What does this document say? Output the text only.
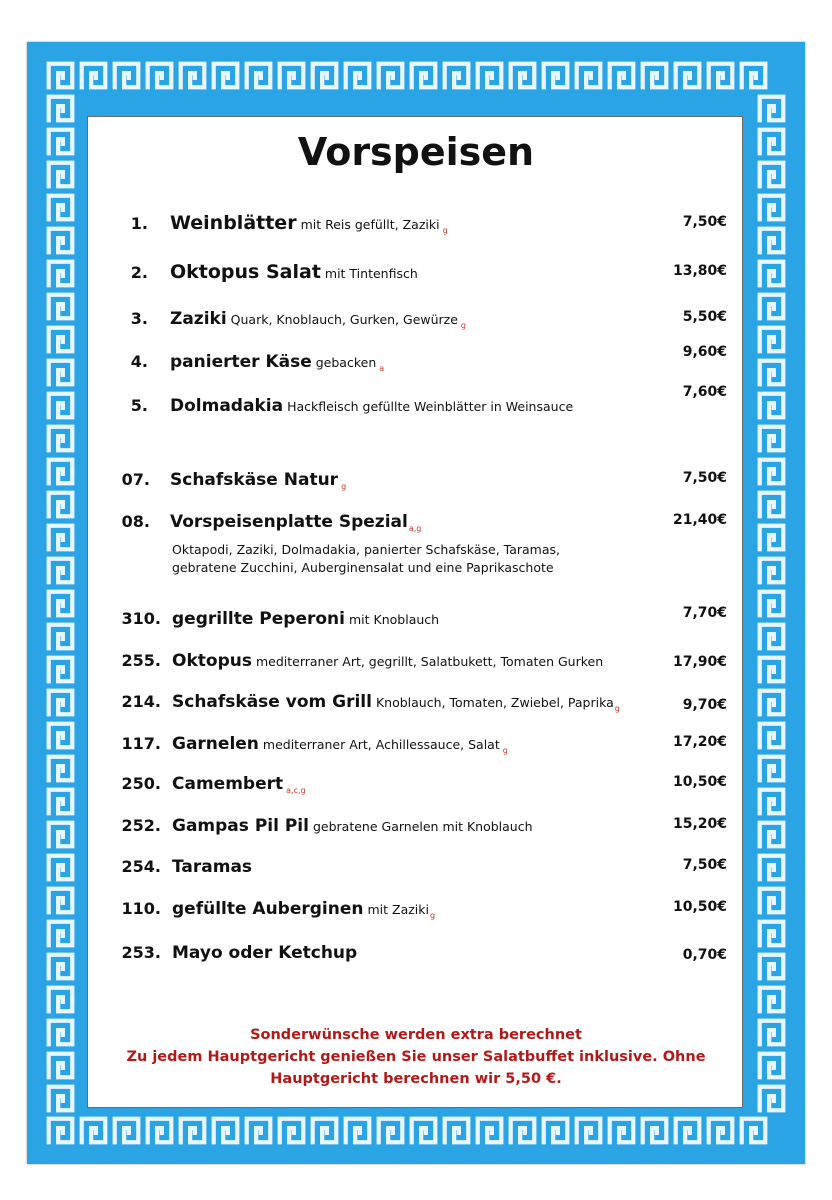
Vorspeisen
1. Weinblätter mit Reis gefüllt, Zaziki $_g$
7,50€
2. Oktopus Salat mit Tintenfisch	13,80€
3. Zaziki Quark, Knoblauch, Gurken, Gewürze $_g$
5,50€
4. panierter Käse gebacken $_a$
9,60€
5. Dolmadakia Hackfleisch gefüllte Weinblätter in Weinsauce
7,60€
07. Schafskäse Natur $_g$
7,50€
08. Vorspeisenplatte Spezial$_{a,g}$
21,40€
Oktapodi, Zaziki, Dolmadakia, panierter Schafskäse, Taramas,
gebratene Zucchini, Auberginensalat und eine Paprikaschote
310. gegrillte Peperoni mit Knoblauch	7,70€
255. Oktopus mediterraner Art, gegrillt, Salatbukett, Tomaten Gurken	17,90€
214. Schafskäse vom Grill Knoblauch, Tomaten, Zwiebel, Paprika$_g$	9,70€
117. Garnelen mediterraner Art, Achillessauce, Salat $_g$
17,20€
250. Camembert $_{a,c,g}$
10,50€
252. Gampas Pil Pil gebratene Garnelen mit Knoblauch	15,20€
254. Taramas	7,50€
110. gefüllte Auberginen mit Zaziki$_g$
10,50€
253. Mayo oder Ketchup	0,70€
Sonderwünsche werden extra berechnet
Zu jedem Hauptgericht genießen Sie unser Salatbuffet inklusive. Ohne
Hauptgericht berechnen wir 5,50 €.
